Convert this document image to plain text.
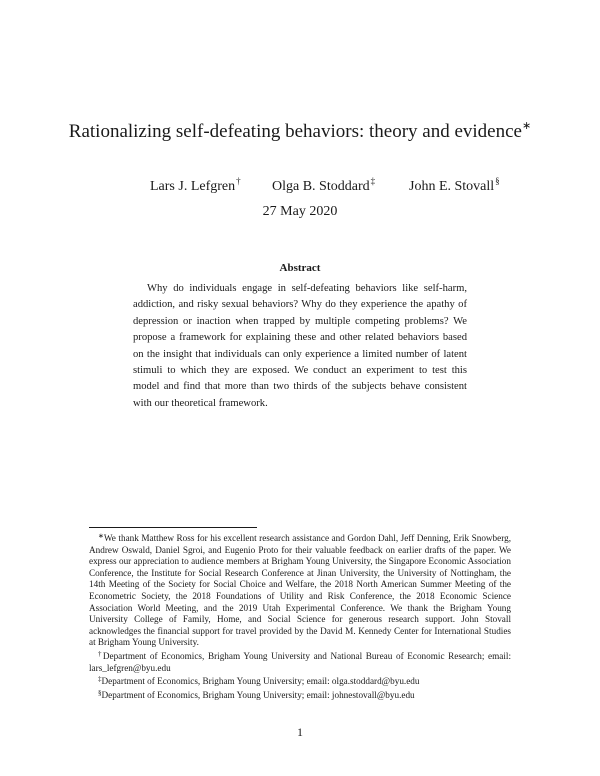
Rationalizing self-defeating behaviors: theory and evidence∗
Lars J. Lefgren† Olga B. Stoddard‡ John E. Stovall§
27 May 2020
Abstract

Why do individuals engage in self-defeating behaviors like self-harm, addiction, and risky sexual behaviors? Why do they experience the apathy of depression or inaction when trapped by multiple competing problems? We propose a framework for explaining these and other related behaviors based on the insight that individuals can only experience a limited number of latent stimuli to which they are exposed. We conduct an experiment to test this model and find that more than two thirds of the subjects behave consistent with our theoretical framework.

∗We thank Matthew Ross for his excellent research assistance and Gordon Dahl, Jeff Denning, Erik Snowberg, Andrew Oswald, Daniel Sgroi, and Eugenio Proto for their valuable feedback on earlier drafts of the paper. We express our appreciation to audience members at Brigham Young University, the Singapore Economic Association Conference, the Institute for Social Research Conference at Jinan University, the University of Nottingham, the 14th Meeting of the Society for Social Choice and Welfare, the 2018 North American Summer Meeting of the Econometric Society, the 2018 Foundations of Utility and Risk Conference, the 2018 Economic Science Association World Meeting, and the 2019 Utah Experimental Conference. We thank the Brigham Young University College of Family, Home, and Social Science for generous research support. John Stovall acknowledges the financial support for travel provided by the David M. Kennedy Center for International Studies at Brigham Young University.

†Department of Economics, Brigham Young University and National Bureau of Economic Research; email: lars_lefgren@byu.edu

‡Department of Economics, Brigham Young University; email: olga.stoddard@byu.edu

§Department of Economics, Brigham Young University; email: johnestovall@byu.edu

1
